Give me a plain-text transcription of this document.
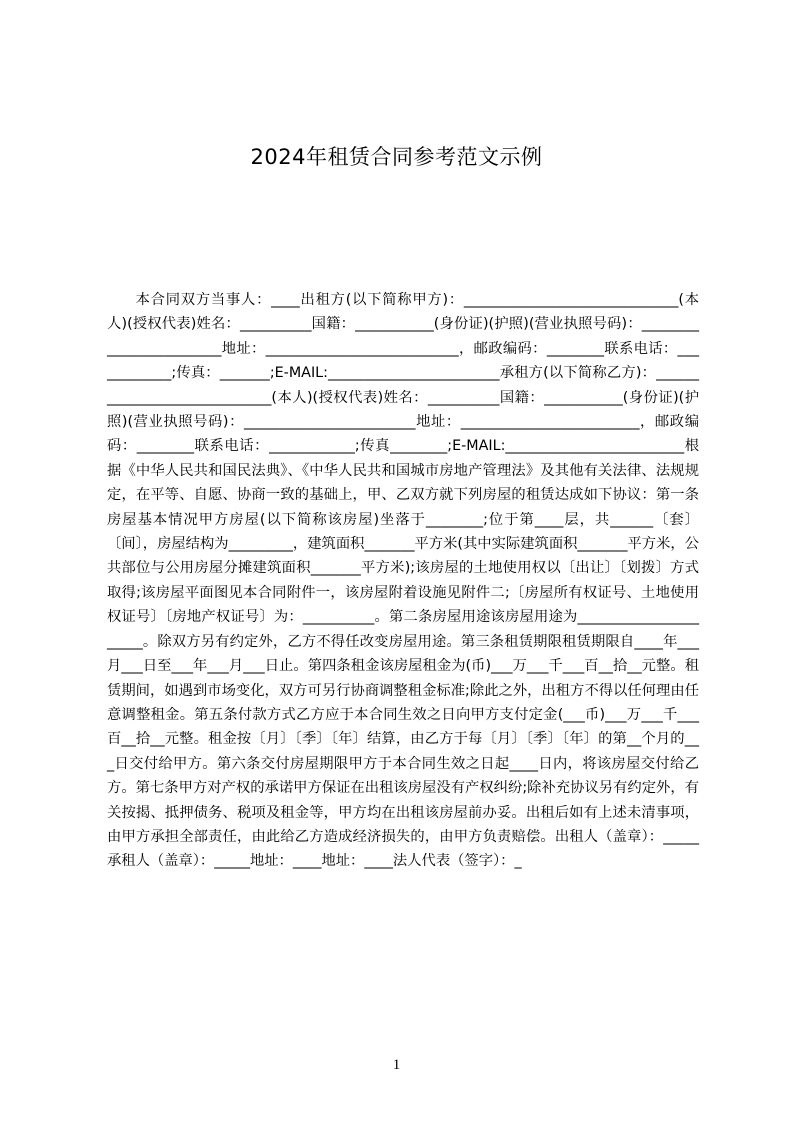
2024年租赁合同参考范文示例

本合同双方当事人：____出租方(以下简称甲方)：______________________________(本人)(授权代表)姓名：__________国籍：___________(身份证)(护照)(营业执照号码)：________________________地址：___________________________，邮政编码：________联系电话：____________;传真：_______;E-MAIL:________________________承租方(以下简称乙方)：_____________________________(本人)(授权代表)姓名：__________国籍：___________(身份证)(护照)(营业执照号码)：________________________地址：_________________________，邮政编码：________联系电话：____________;传真________;E-MAIL:_________________________根据《中华人民共和国民法典》、《中华人民共和国城市房地产管理法》及其他有关法律、法规规定，在平等、自愿、协商一致的基础上，甲、乙双方就下列房屋的租赁达成如下协议：第一条房屋基本情况甲方房屋(以下简称该房屋)坐落于________;位于第____层，共______〔套〕〔间〕，房屋结构为_________，建筑面积_______平方米(其中实际建筑面积_______平方米，公共部位与公用房屋分摊建筑面积_______平方米);该房屋的土地使用权以〔出让〕〔划拨〕方式取得;该房屋平面图见本合同附件一，该房屋附着设施见附件二;〔房屋所有权证号、土地使用权证号〕〔房地产权证号〕为：__________。第二条房屋用途该房屋用途为______________________。除双方另有约定外，乙方不得任改变房屋用途。第三条租赁期限租赁期限自____年___月___日至___年___月___日止。第四条租金该房屋租金为(币)___万___千___百__拾__元整。租赁期间，如遇到市场变化，双方可另行协商调整租金标准;除此之外，出租方不得以任何理由任意调整租金。第五条付款方式乙方应于本合同生效之日向甲方支付定金(___币)___万___千___百__拾__元整。租金按〔月〕〔季〕〔年〕结算，由乙方于每〔月〕〔季〕〔年〕的第__个月的___日交付给甲方。第六条交付房屋期限甲方于本合同生效之日起____日内，将该房屋交付给乙方。第七条甲方对产权的承诺甲方保证在出租该房屋没有产权纠纷;除补充协议另有约定外，有关按揭、抵押债务、税项及租金等，甲方均在出租该房屋前办妥。出租后如有上述未清事项，由甲方承担全部责任，由此给乙方造成经济损失的，由甲方负责赔偿。出租人（盖章）：_____承租人（盖章）：_____地址：____地址：____法人代表（签字）：_

1
